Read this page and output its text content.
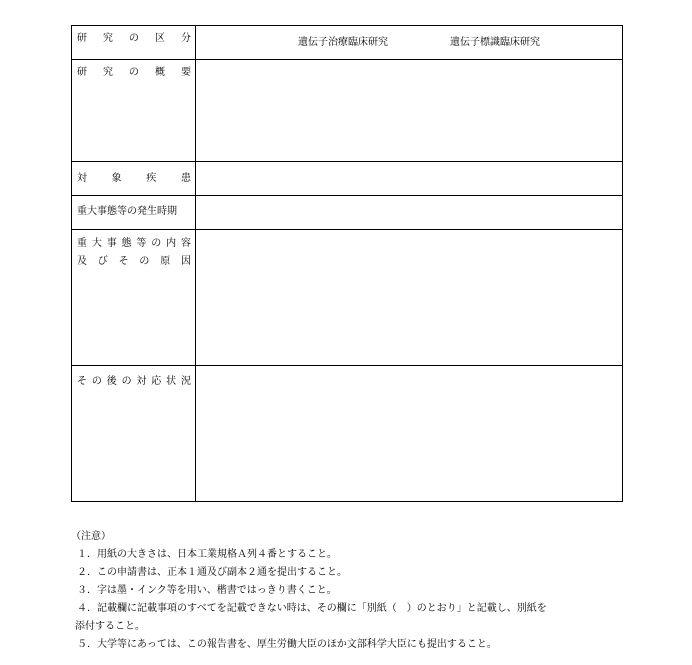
研究の区分	遺伝子治療臨床研究 遺伝子標識臨床研究

研究の概要	

対象疾患	

重大事態等の発生時期	

重大事態等の内容
及びその原因	

その後の対応状況	

（注意）
１．用紙の大きさは、日本工業規格Ａ列４番とすること。
２．この申請書は、正本１通及び副本２通を提出すること。
３．字は墨・インク等を用い、楷書ではっきり書くこと。
４．記載欄に記載事項のすべてを記載できない時は、その欄に「別紙（　）のとおり」と記載し、別紙を
添付すること。
５．大学等にあっては、この報告書を、厚生労働大臣のほか文部科学大臣にも提出すること。
